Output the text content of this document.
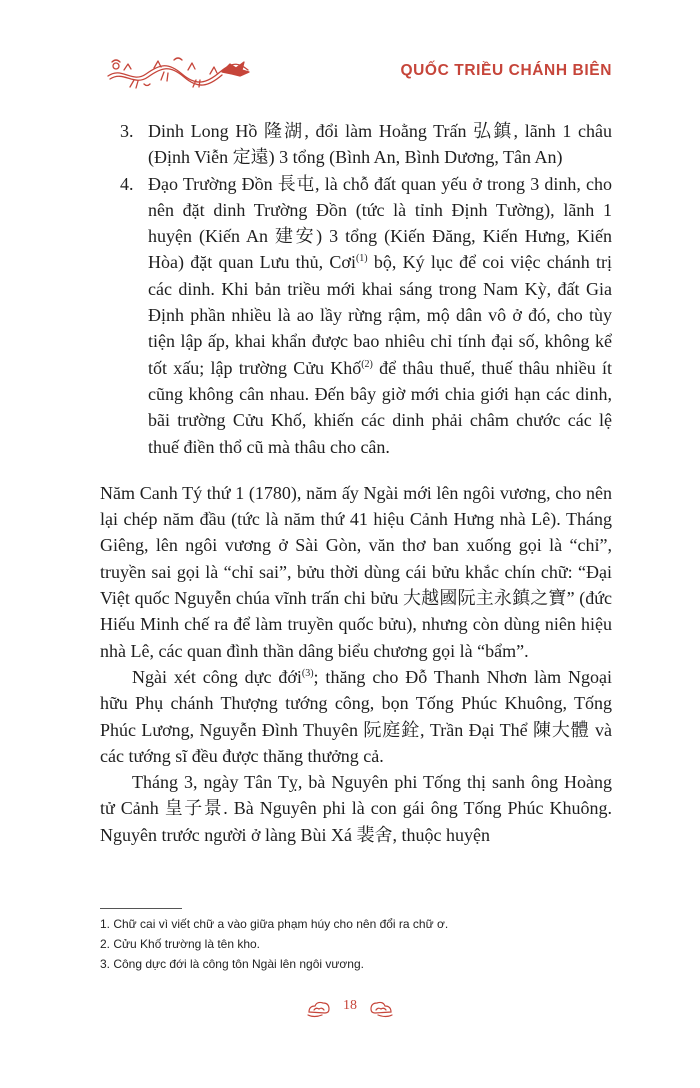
QUỐC TRIỀU CHÁNH BIÊN
3. Dinh Long Hồ 隆湖, đổi làm Hoằng Trấn 弘鎮, lãnh 1 châu (Định Viễn 定遠) 3 tổng (Bình An, Bình Dương, Tân An)
4. Đạo Trường Đồn 長屯, là chỗ đất quan yếu ở trong 3 dinh, cho nên đặt dinh Trường Đồn (tức là tỉnh Định Tường), lãnh 1 huyện (Kiến An 建安) 3 tổng (Kiến Đăng, Kiến Hưng, Kiến Hòa) đặt quan Lưu thủ, Cơi$^{(1)}$ bộ, Ký lục để coi việc chánh trị các dinh. Khi bản triều mới khai sáng trong Nam Kỳ, đất Gia Định phần nhiều là ao lầy rừng rậm, mộ dân vô ở đó, cho tùy tiện lập ấp, khai khẩn được bao nhiêu chỉ tính đại số, không kể tốt xấu; lập trường Cửu Khố$^{(2)}$ để thâu thuế, thuế thâu nhiều ít cũng không cân nhau. Đến bây giờ mới chia giới hạn các dinh, bãi trường Cửu Khố, khiến các dinh phải châm chước các lệ thuế điền thổ cũ mà thâu cho cân.

Năm Canh Tý thứ 1 (1780), năm ấy Ngài mới lên ngôi vương, cho nên lại chép năm đầu (tức là năm thứ 41 hiệu Cảnh Hưng nhà Lê). Tháng Giêng, lên ngôi vương ở Sài Gòn, văn thơ ban xuống gọi là “chỉ”, truyền sai gọi là “chỉ sai”, bửu thời dùng cái bửu khắc chín chữ: “Đại Việt quốc Nguyễn chúa vĩnh trấn chi bửu 大越國阮主永鎮之寶” (đức Hiếu Minh chế ra để làm truyền quốc bửu), nhưng còn dùng niên hiệu nhà Lê, các quan đình thần dâng biểu chương gọi là “bẩm”.

Ngài xét công dực đới$^{(3)}$; thăng cho Đỗ Thanh Nhơn làm Ngoại hữu Phụ chánh Thượng tướng công, bọn Tống Phúc Khuông, Tống Phúc Lương, Nguyễn Đình Thuyên 阮庭銓, Trần Đại Thể 陳大體 và các tướng sĩ đều được thăng thưởng cả.

Tháng 3, ngày Tân Tỵ, bà Nguyên phi Tống thị sanh ông Hoàng tử Cảnh 皇子景. Bà Nguyên phi là con gái ông Tống Phúc Khuông. Nguyên trước người ở làng Bùi Xá 裴舍, thuộc huyện

1. Chữ cai vì viết chữ a vào giữa phạm húy cho nên đổi ra chữ ơ.

2. Cửu Khố trường là tên kho.

3. Công dực đới là công tôn Ngài lên ngôi vương.

18
